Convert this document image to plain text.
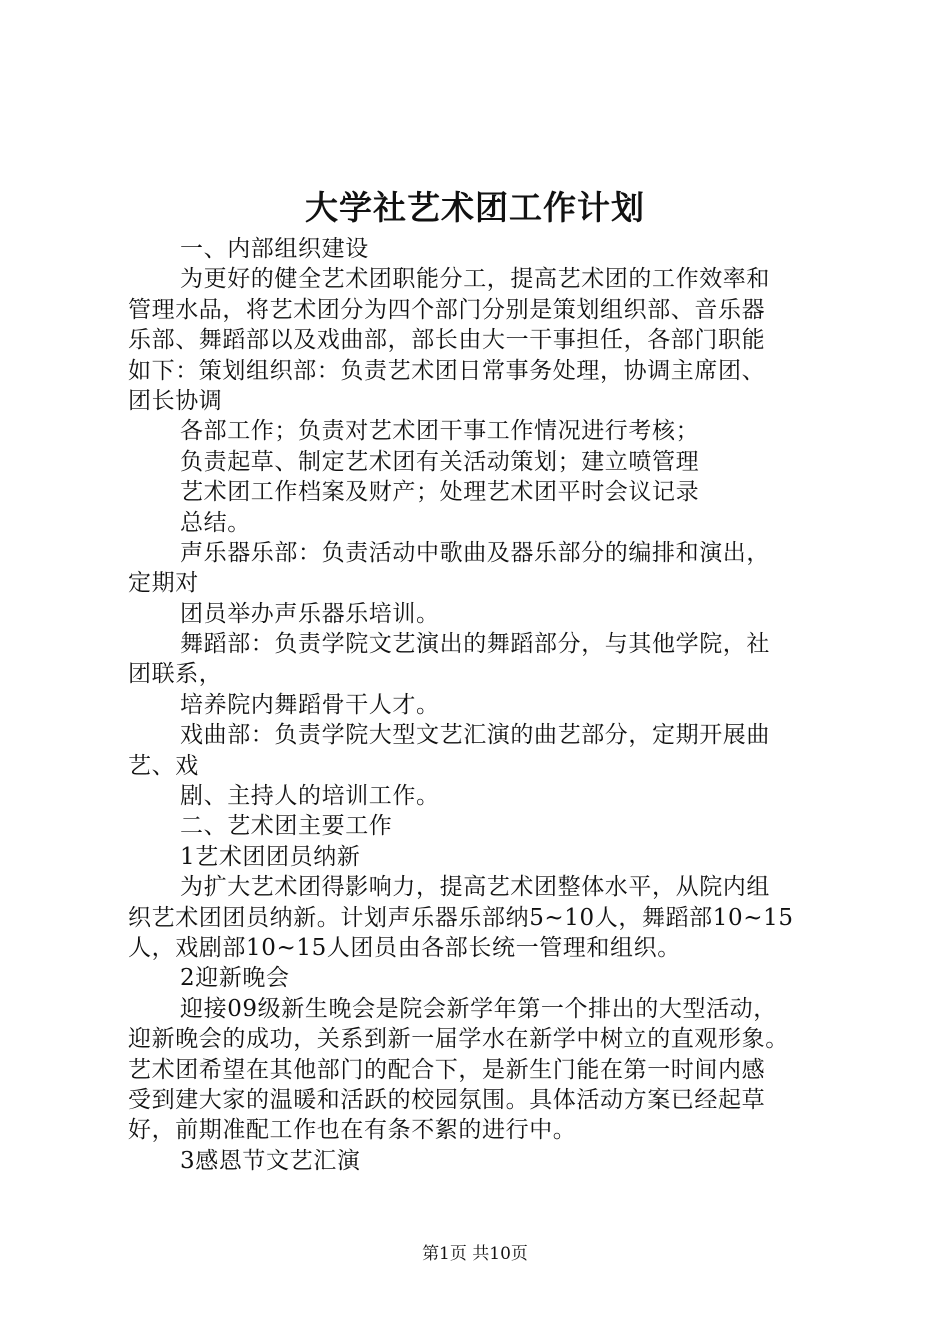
大学社艺术团工作计划
一、内部组织建设
为更好的健全艺术团职能分工，提高艺术团的工作效率和
管理水品，将艺术团分为四个部门分别是策划组织部、音乐器
乐部、舞蹈部以及戏曲部，部长由大一干事担任，各部门职能
如下：策划组织部：负责艺术团日常事务处理，协调主席团、
团长协调
各部工作；负责对艺术团干事工作情况进行考核；
负责起草、制定艺术团有关活动策划；建立喷管理
艺术团工作档案及财产；处理艺术团平时会议记录
总结。
声乐器乐部：负责活动中歌曲及器乐部分的编排和演出，
定期对
团员举办声乐器乐培训。
舞蹈部：负责学院文艺演出的舞蹈部分，与其他学院，社
团联系，
培养院内舞蹈骨干人才。
戏曲部：负责学院大型文艺汇演的曲艺部分，定期开展曲
艺、戏
剧、主持人的培训工作。
二、艺术团主要工作
1艺术团团员纳新
为扩大艺术团得影响力，提高艺术团整体水平，从院内组
织艺术团团员纳新。计划声乐器乐部纳5~10人，舞蹈部10~15
人，戏剧部10~15人团员由各部长统一管理和组织。
2迎新晚会
迎接09级新生晚会是院会新学年第一个排出的大型活动，
迎新晚会的成功，关系到新一届学水在新学中树立的直观形象。
艺术团希望在其他部门的配合下，是新生门能在第一时间内感
受到建大家的温暖和活跃的校园氛围。具体活动方案已经起草
好，前期准配工作也在有条不絮的进行中。
3感恩节文艺汇演
第1页 共10页
